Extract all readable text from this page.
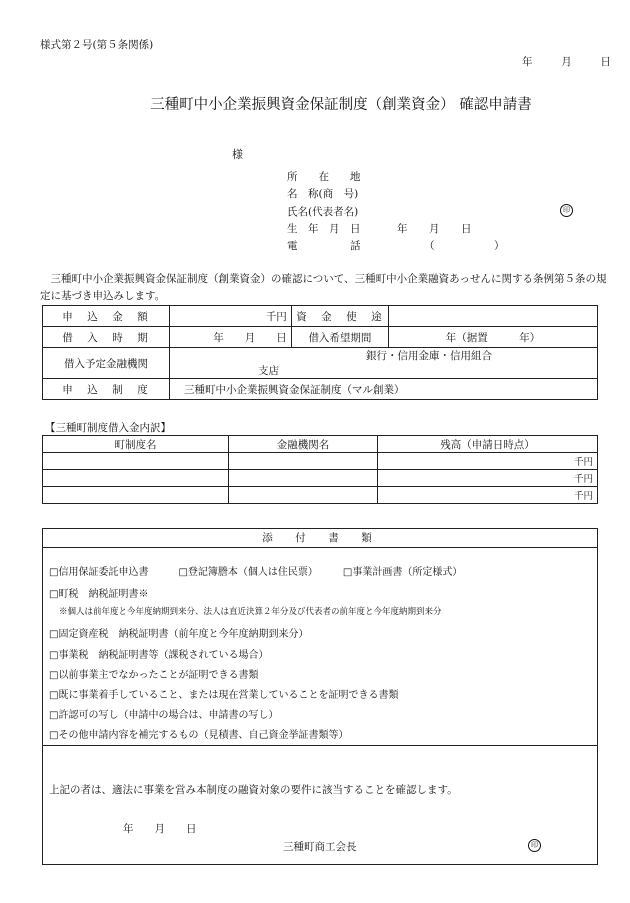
様式第２号(第５条関係)
年	月	日
三種町中小企業振興資金保証制度（創業資金） 確認申請書
様
所　　在　　地
名　称(商　号)
氏名(代表者名)	印
生　年　月　日	年 月 日
電　　　　　話	（	）
　三種町中小企業振興資金保証制度（創業資金）の確認について、三種町中小企業融資あっせんに関する条例第５条の規定に基づき申込みします。
申　込　金　額	千円	資　金　使　途	
借　入　時　期	年　　月　　日	借入希望期間	年（据置　　　年）
借入予定金融機関	銀行・信用金庫・信用組合 支店		
申　込　制　度	三種町中小企業振興資金保証制度（マル創業）		
【三種町制度借入金内訳】
町制度名	金融機関名	残高（申請日時点）
		千円
		千円
		千円
添　付　書　類
□信用保証委託申込書　　　□登記簿謄本（個人は住民票）　　　□事業計画書（所定様式）
□町税　納税証明書※
※個人は前年度と今年度納期到来分、法人は直近決算２年分及び代表者の前年度と今年度納期到来分
□固定資産税　納税証明書（前年度と今年度納期到来分）
□事業税　納税証明書等（課税されている場合）
□以前事業主でなかったことが証明できる書類
□既に事業着手していること、または現在営業していることを証明できる書類
□許認可の写し（申請中の場合は、申請書の写し）
□その他申請内容を補完するもの（見積書、自己資金挙証書類等）
上記の者は、適法に事業を営み本制度の融資対象の要件に該当することを確認します。
年　　月　　日
三種町商工会長	印
